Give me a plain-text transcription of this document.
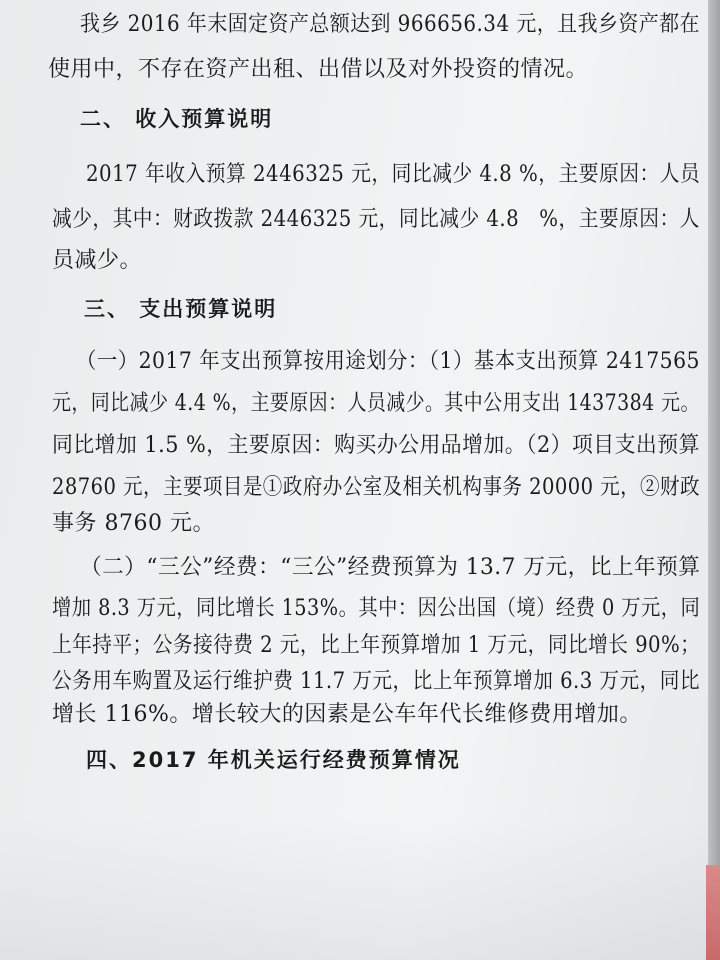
我乡 2016 年末固定资产总额达到 966656.34 元，且我乡资产都在
使用中，不存在资产出租、出借以及对外投资的情况。
二、 收入预算说明
2017 年收入预算 2446325 元，同比减少 4.8 %，主要原因：人员
减少，其中：财政拨款 2446325 元，同比减少 4.8　%，主要原因：人
员减少。
三、 支出预算说明
（一）2017 年支出预算按用途划分：（1）基本支出预算 2417565
元，同比减少 4.4 %，主要原因：人员减少。其中公用支出 1437384 元。
同比增加 1.5 %，主要原因：购买办公用品增加。（2）项目支出预算
28760 元，主要项目是①政府办公室及相关机构事务 20000 元，②财政
事务 8760 元。
（二）“三公”经费：“三公”经费预算为 13.7 万元，比上年预算
增加 8.3 万元，同比增长 153%。其中：因公出国（境）经费 0 万元，同
上年持平；公务接待费 2 元，比上年预算增加 1 万元，同比增长 90%；
公务用车购置及运行维护费 11.7 万元，比上年预算增加 6.3 万元，同比
增长 116%。增长较大的因素是公车年代长维修费用增加。
四、2017 年机关运行经费预算情况
